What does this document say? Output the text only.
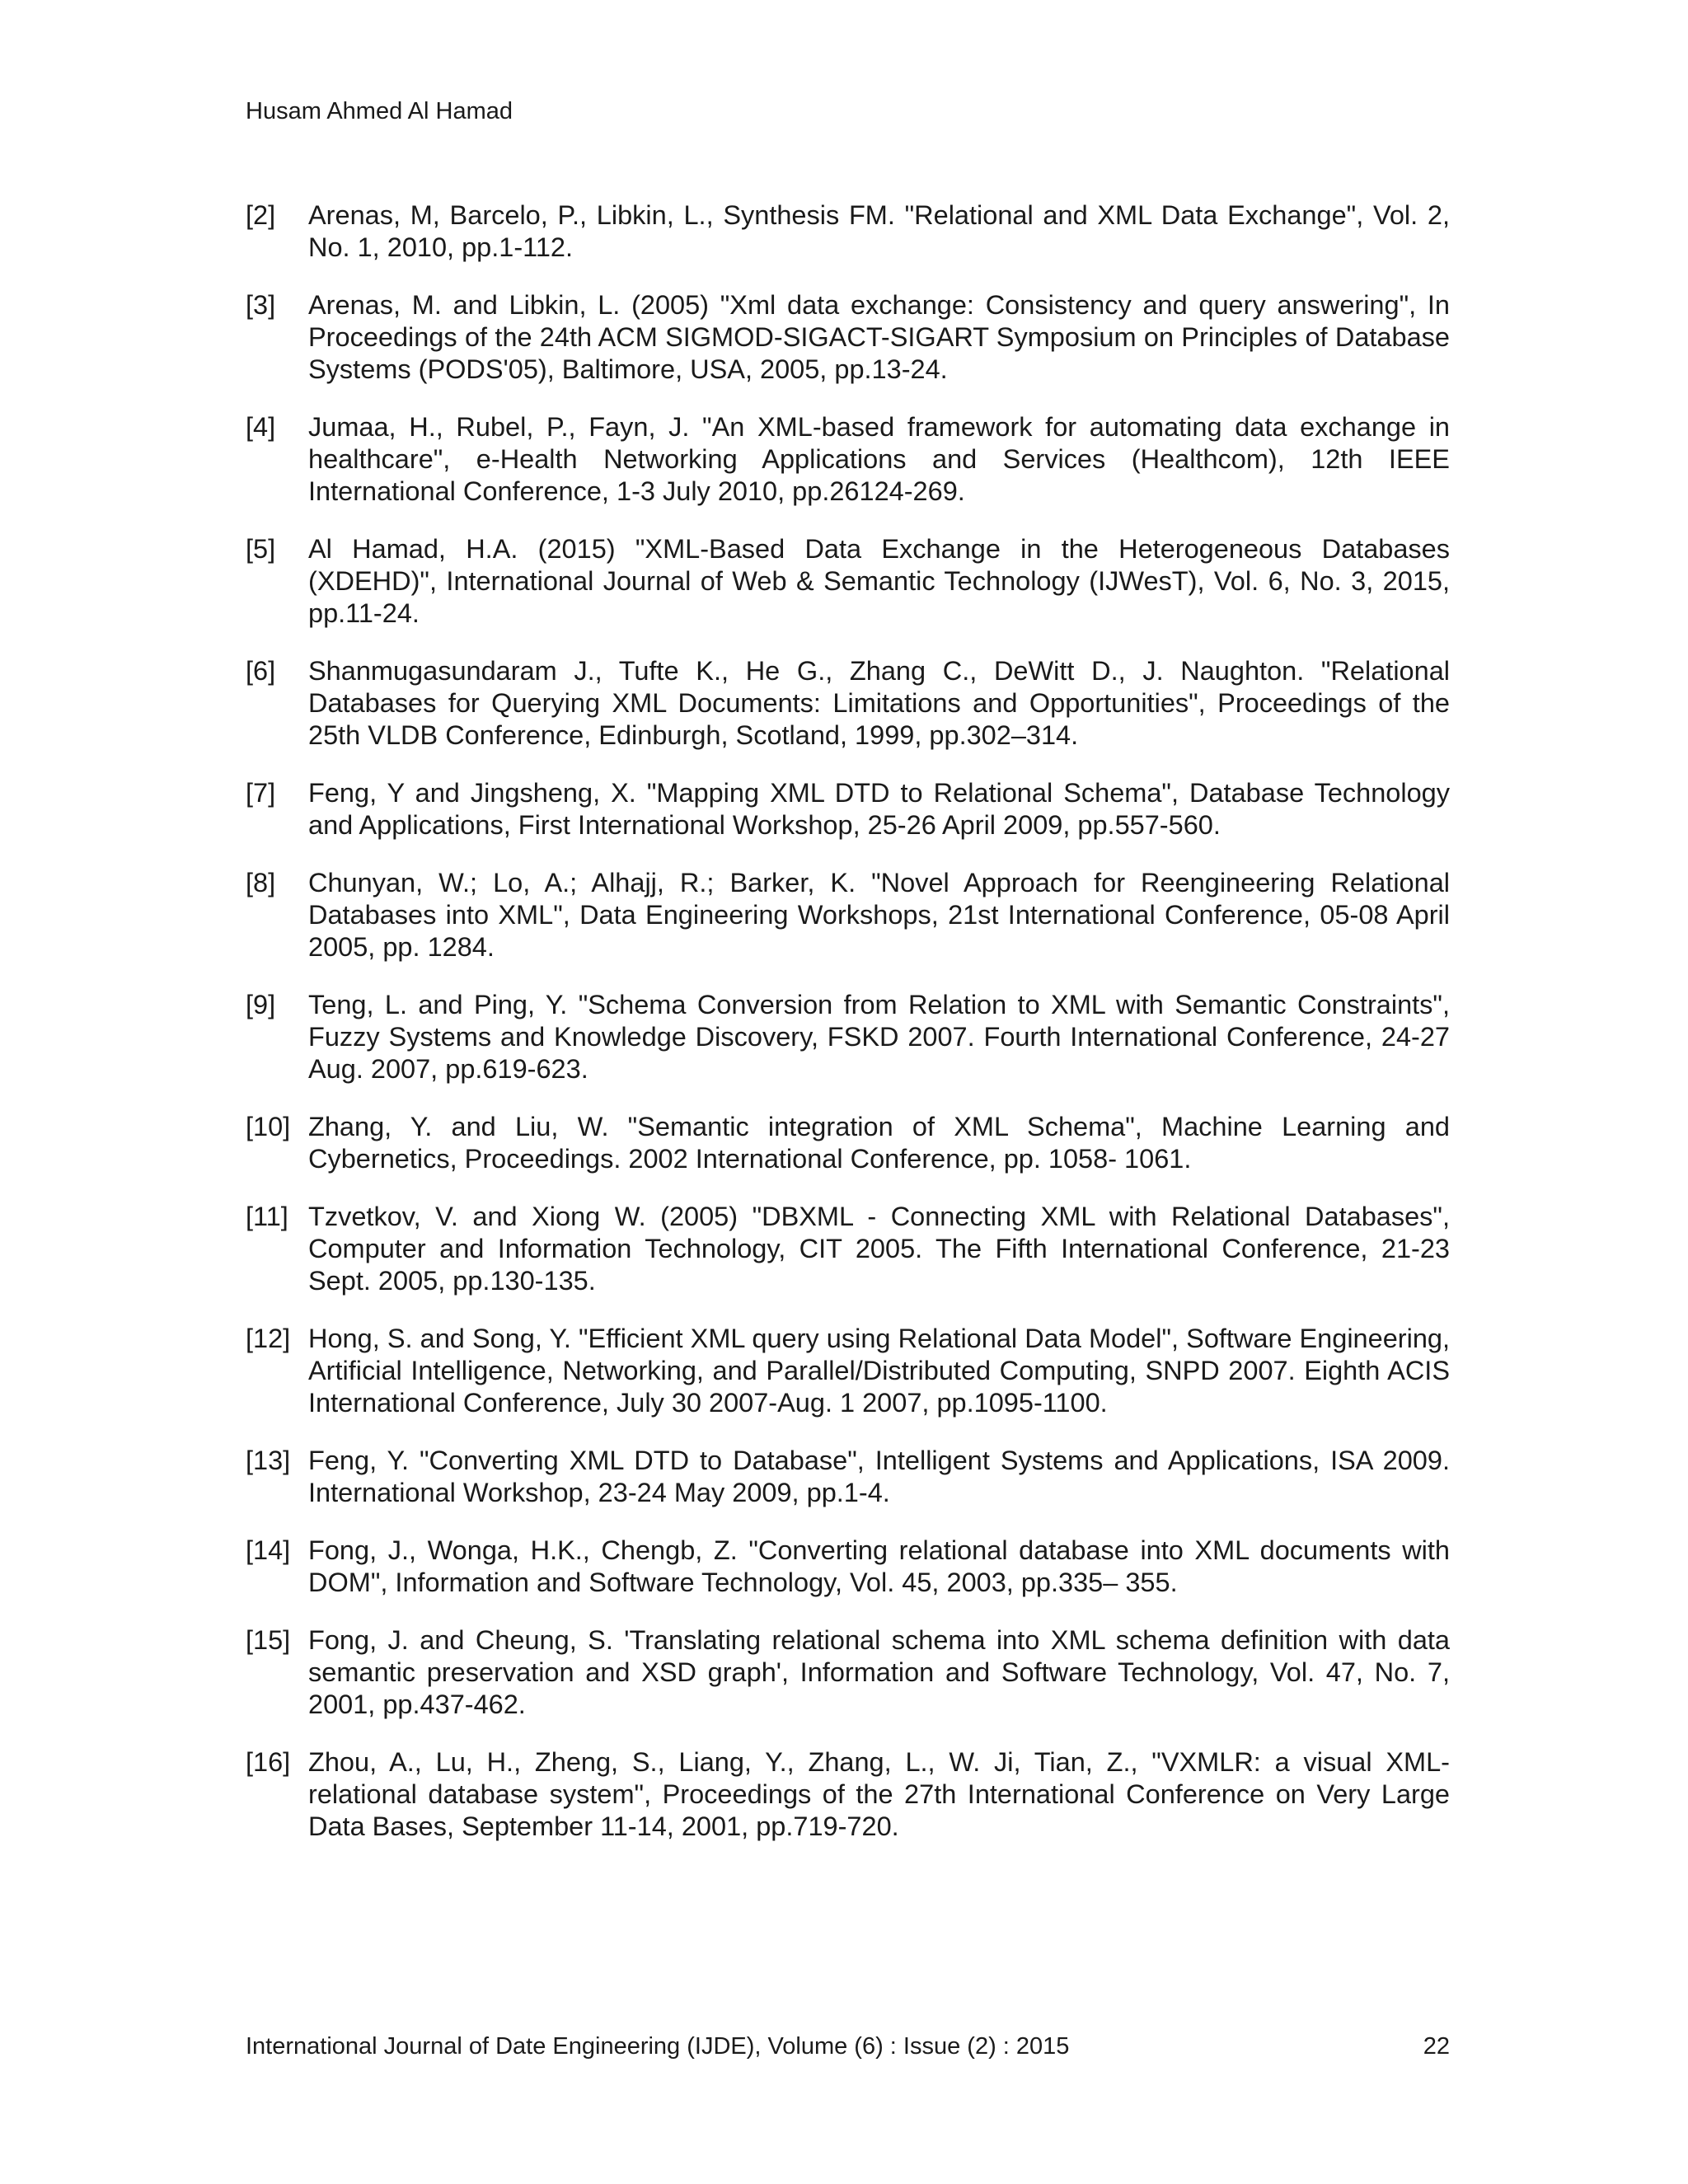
Husam Ahmed Al Hamad
[2]	Arenas, M, Barcelo, P., Libkin, L., Synthesis FM. "Relational and XML Data Exchange", Vol. 2, No. 1, 2010, pp.1-112.
[3]	Arenas, M. and Libkin, L. (2005) "Xml data exchange: Consistency and query answering", In Proceedings of the 24th ACM SIGMOD-SIGACT-SIGART Symposium on Principles of Database Systems (PODS'05), Baltimore, USA, 2005, pp.13-24.
[4]	Jumaa, H., Rubel, P., Fayn, J. "An XML-based framework for automating data exchange in healthcare", e-Health Networking Applications and Services (Healthcom), 12th IEEE International Conference, 1-3 July 2010, pp.26124-269.
[5]	Al Hamad, H.A. (2015) "XML-Based Data Exchange in the Heterogeneous Databases (XDEHD)", International Journal of Web & Semantic Technology (IJWesT), Vol. 6, No. 3, 2015, pp.11-24.
[6]	Shanmugasundaram J., Tufte K., He G., Zhang C., DeWitt D., J. Naughton. "Relational Databases for Querying XML Documents: Limitations and Opportunities", Proceedings of the 25th VLDB Conference, Edinburgh, Scotland, 1999, pp.302–314.
[7]	Feng, Y and Jingsheng, X. "Mapping XML DTD to Relational Schema", Database Technology and Applications, First International Workshop, 25-26 April 2009, pp.557-560.
[8]	Chunyan, W.; Lo, A.; Alhajj, R.; Barker, K. "Novel Approach for Reengineering Relational Databases into XML", Data Engineering Workshops, 21st International Conference, 05-08 April 2005, pp. 1284.
[9]	Teng, L. and Ping, Y. "Schema Conversion from Relation to XML with Semantic Constraints", Fuzzy Systems and Knowledge Discovery, FSKD 2007. Fourth International Conference, 24-27 Aug. 2007, pp.619-623.
[10] Zhang, Y. and Liu, W. "Semantic integration of XML Schema", Machine Learning and Cybernetics, Proceedings. 2002 International Conference, pp. 1058- 1061.
[11] Tzvetkov, V. and Xiong W. (2005) "DBXML - Connecting XML with Relational Databases", Computer and Information Technology, CIT 2005. The Fifth International Conference, 21-23 Sept. 2005, pp.130-135.
[12] Hong, S. and Song, Y. "Efficient XML query using Relational Data Model", Software Engineering, Artificial Intelligence, Networking, and Parallel/Distributed Computing, SNPD 2007. Eighth ACIS International Conference, July 30 2007-Aug. 1 2007, pp.1095-1100.
[13] Feng, Y. "Converting XML DTD to Database", Intelligent Systems and Applications, ISA 2009. International Workshop, 23-24 May 2009, pp.1-4.
[14] Fong, J., Wonga, H.K., Chengb, Z. "Converting relational database into XML documents with DOM", Information and Software Technology, Vol. 45, 2003, pp.335– 355.
[15] Fong, J. and Cheung, S. 'Translating relational schema into XML schema definition with data semantic preservation and XSD graph', Information and Software Technology, Vol. 47, No. 7, 2001, pp.437-462.
[16] Zhou, A., Lu, H., Zheng, S., Liang, Y., Zhang, L., W. Ji, Tian, Z., "VXMLR: a visual XML-relational database system", Proceedings of the 27th International Conference on Very Large Data Bases, September 11-14, 2001, pp.719-720.
International Journal of Date Engineering (IJDE), Volume (6) : Issue (2) : 2015	22
